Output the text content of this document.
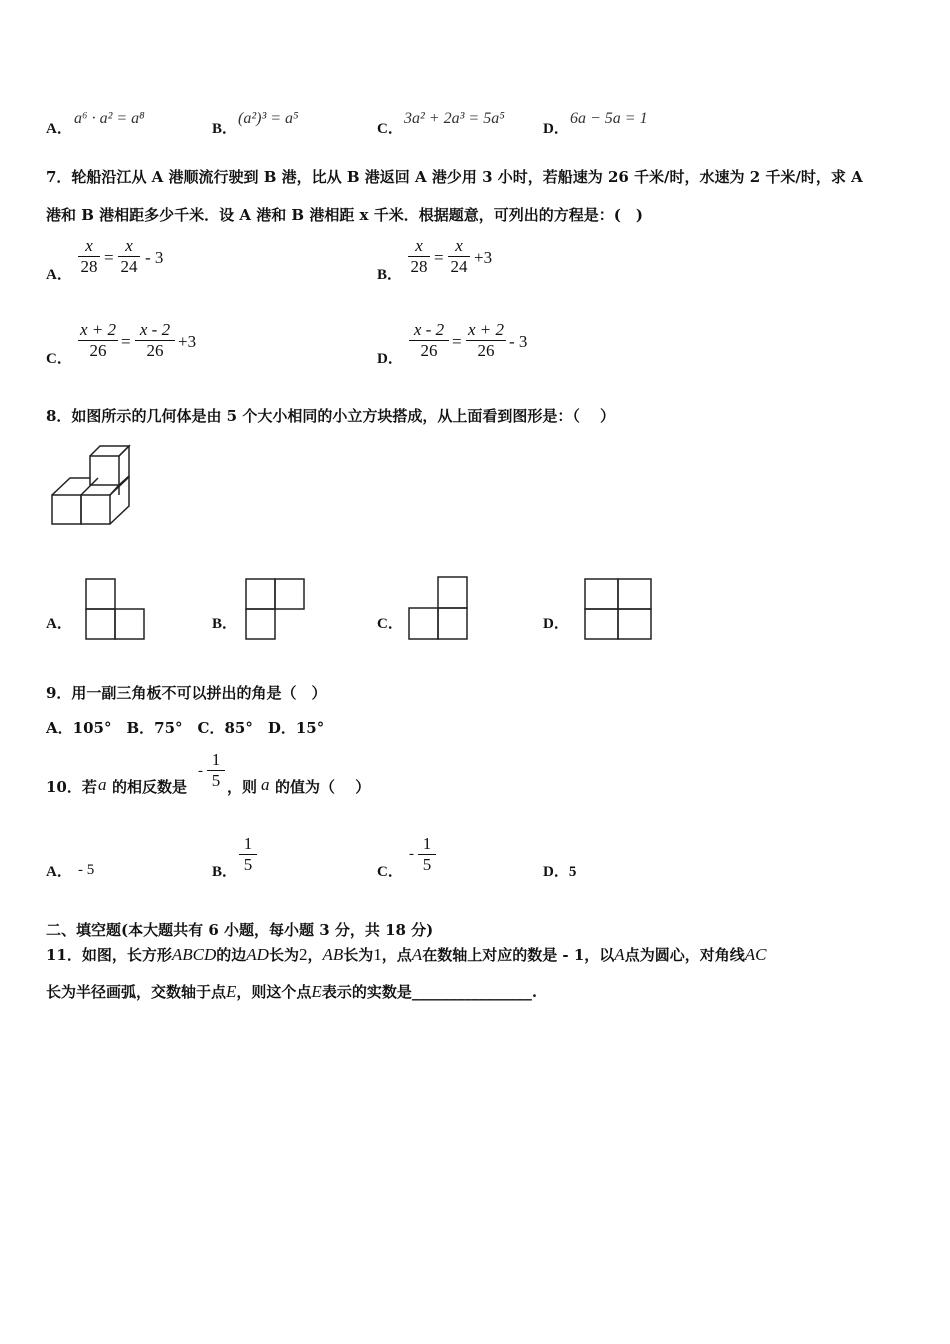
A．
a⁶ · a² = a⁸
B．
(a²)³ = a⁵
C．
3a² + 2a³ = 5a⁵
D．
6a − 5a = 1
7．轮船沿江从 A 港顺流行驶到 B 港，比从 B 港返回 A 港少用 3 小时，若船速为 26 千米/时，水速为 2 千米/时，求 A
港和 B 港相距多少千米．设 A 港和 B 港相距 x 千米．根据题意，可列出的方程是：(　)
A．
x
28 =
x
24 - 3
B．
x
28 =
x
24 +3
C．
x + 2
26 =
x - 2
26 +3
D．
x - 2
26 =
x + 2
26 - 3
8．如图所示的几何体是由 5 个大小相同的小立方块搭成，从上面看到图形是：（　 ）
A．	B．	C．	D．
9．用一副三角板不可以拼出的角是（　）
A．105°　B．75°　C．85°　D．15°
10．若 a 的相反数是
-
1
5 ，则 a 的值为（　 ）
A． - 5	B．
1
5	C．
-
1
5	D．5
二、填空题(本大题共有 6 小题，每小题 3 分，共 18 分)
11．如图，长方形ABCD的边AD长为2，AB长为1，点A在数轴上对应的数是 - 1，以A点为圆心，对角线AC
长为半径画弧，交数轴于点E，则这个点E表示的实数是________________.
